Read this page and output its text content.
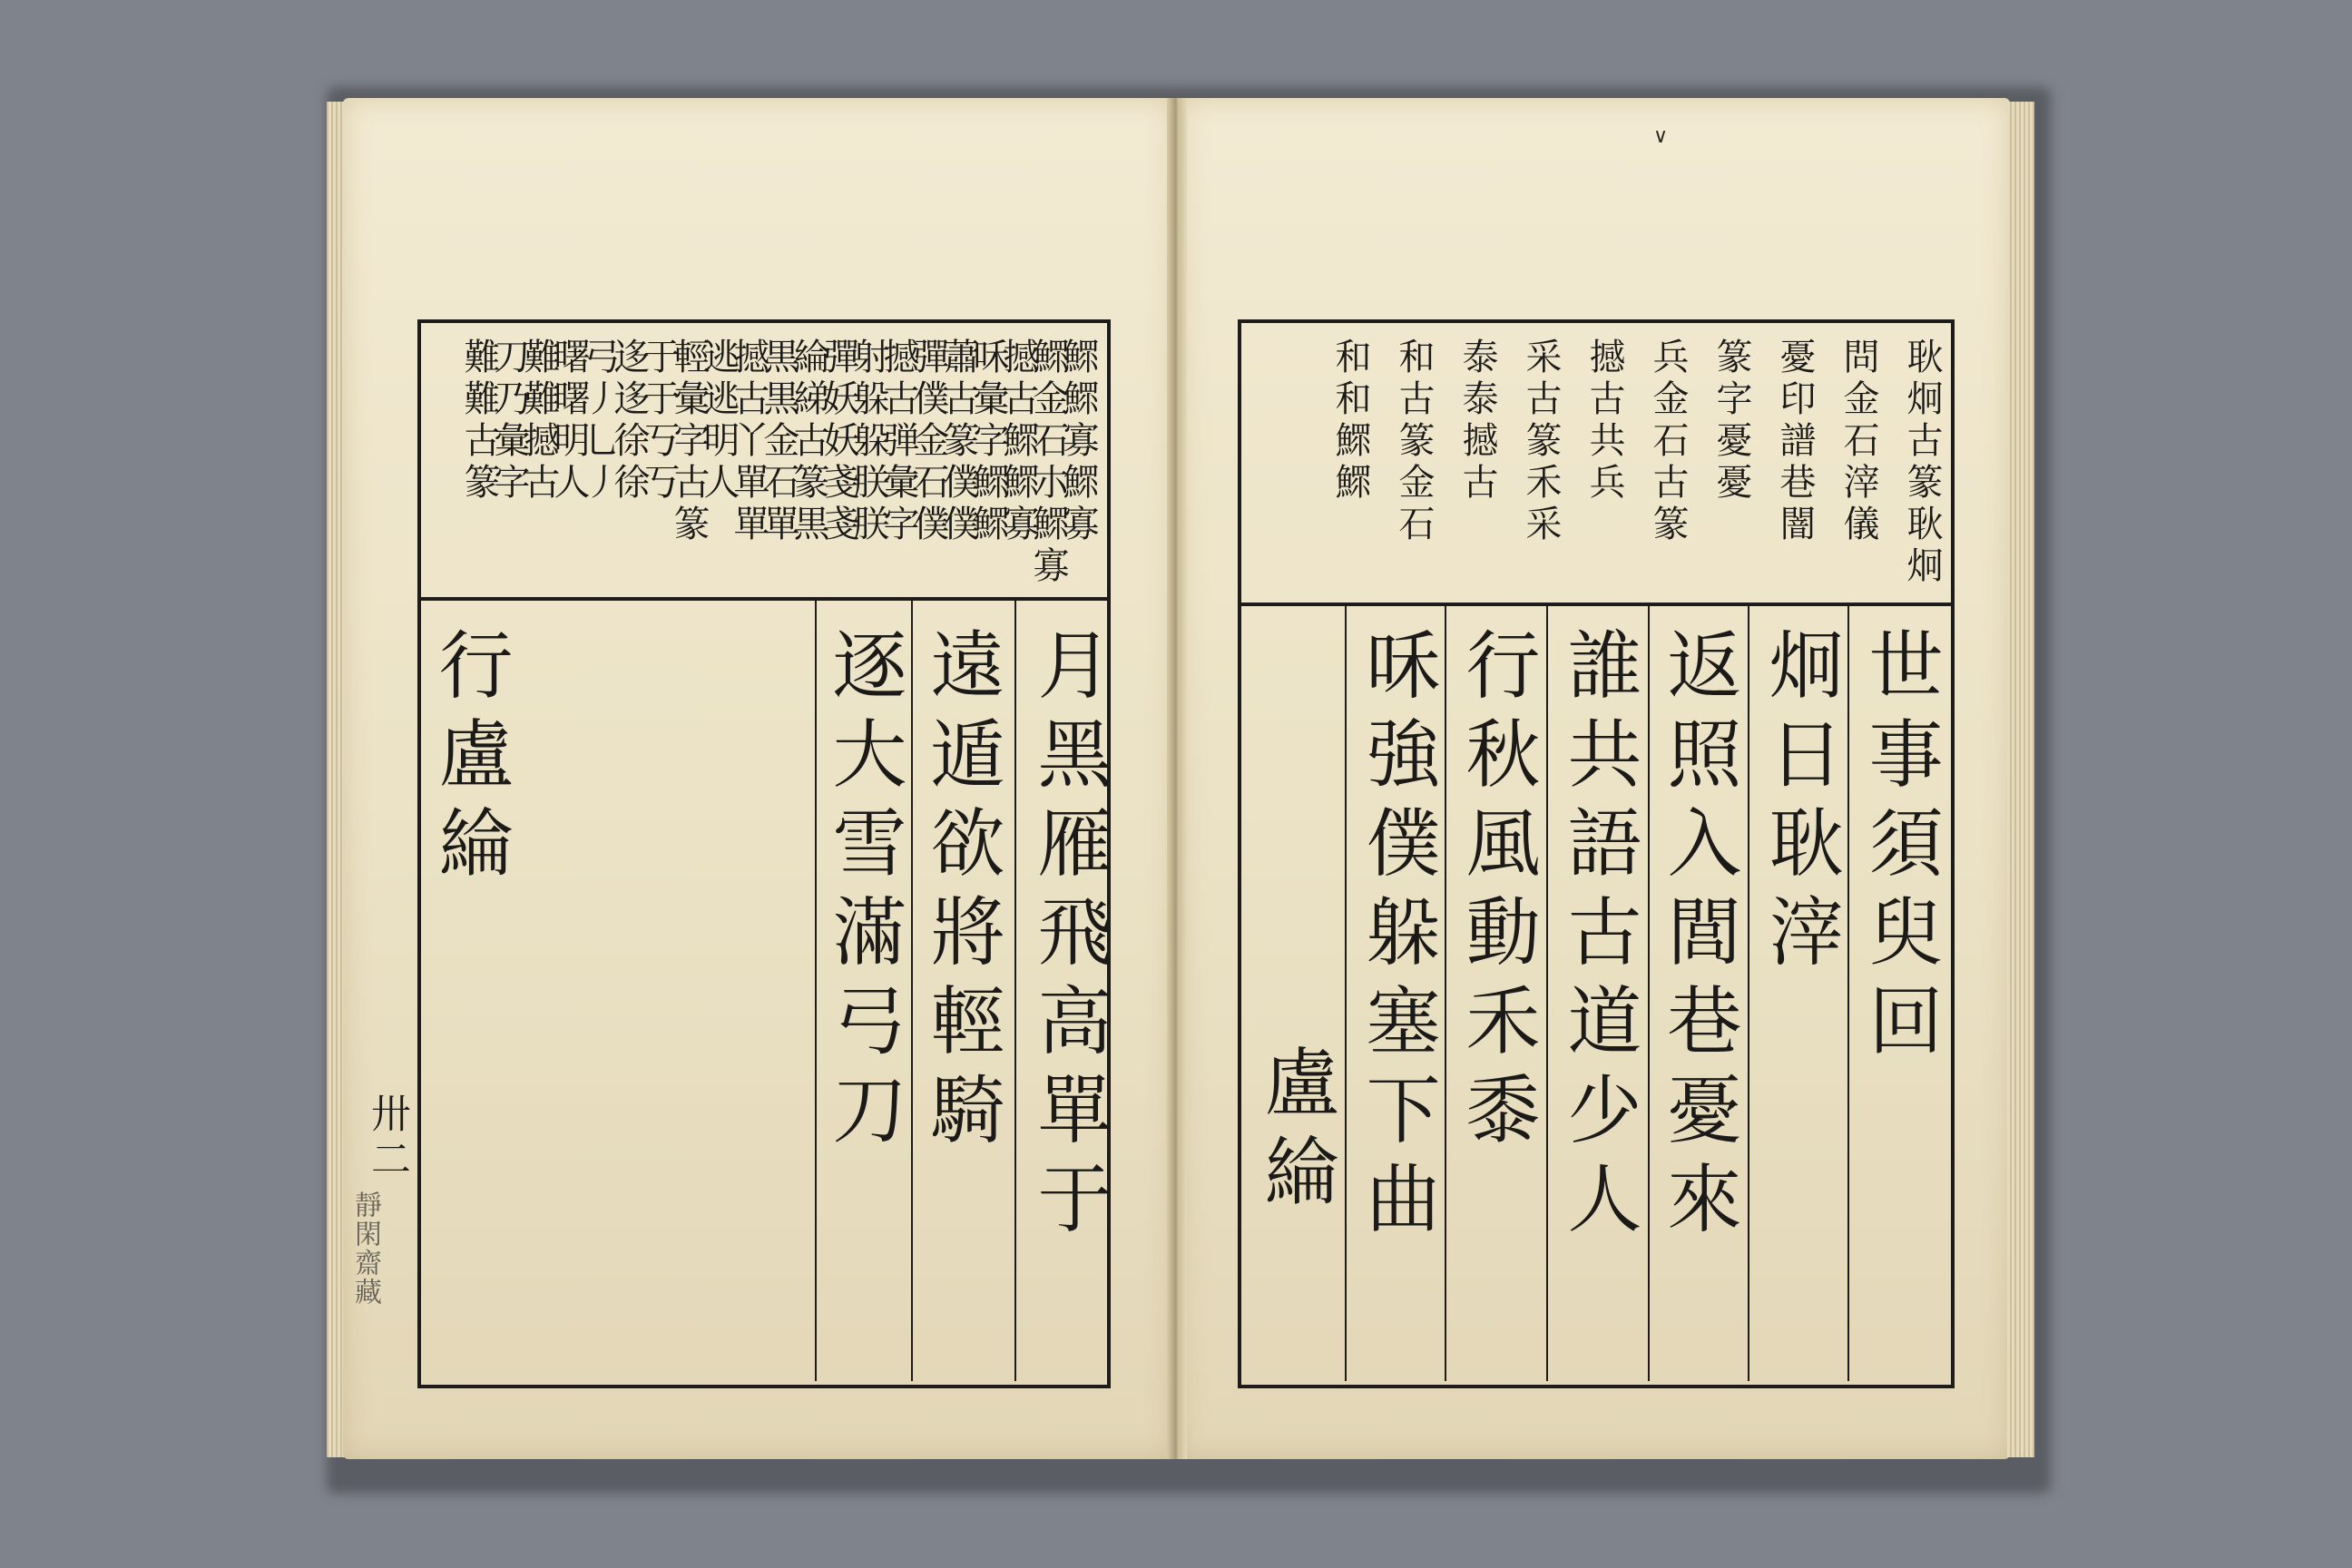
∨
鰥鰥寡鰥寡
鰥金石朩鰥寡
撼古鰥鰥寡
咊彙字鰥鰥
蕭古篆僕僕
彈僕金石僕
撼古弾彙字
射躲躲朕朕
彈妖妖戔戔
綸綈古篆黒
黒黒金石單
撼古丫單單
逃逃明人
輕彙字古篆
于于丂丂
迻迻徐徐
弓丿乚丿
曙曙明人
難難撼古
刀乃彙字
難難古篆
月黑雁飛高單于
遠遁欲將輕騎
逐大雪滿弓刀
行盧綸
卅二
靜閑齋藏
耿炯古篆耿炯
問金石滓儀
憂印譜巷闇
篆字憂憂
兵金石古篆
撼古共兵
采古篆禾采
泰泰撼古
和古篆金石
和和鰥鰥
世事須臾回
炯日耿滓
返照入閭巷憂來
誰共語古道少人
行秋風動禾黍
咊強僕躲塞下曲
盧綸
